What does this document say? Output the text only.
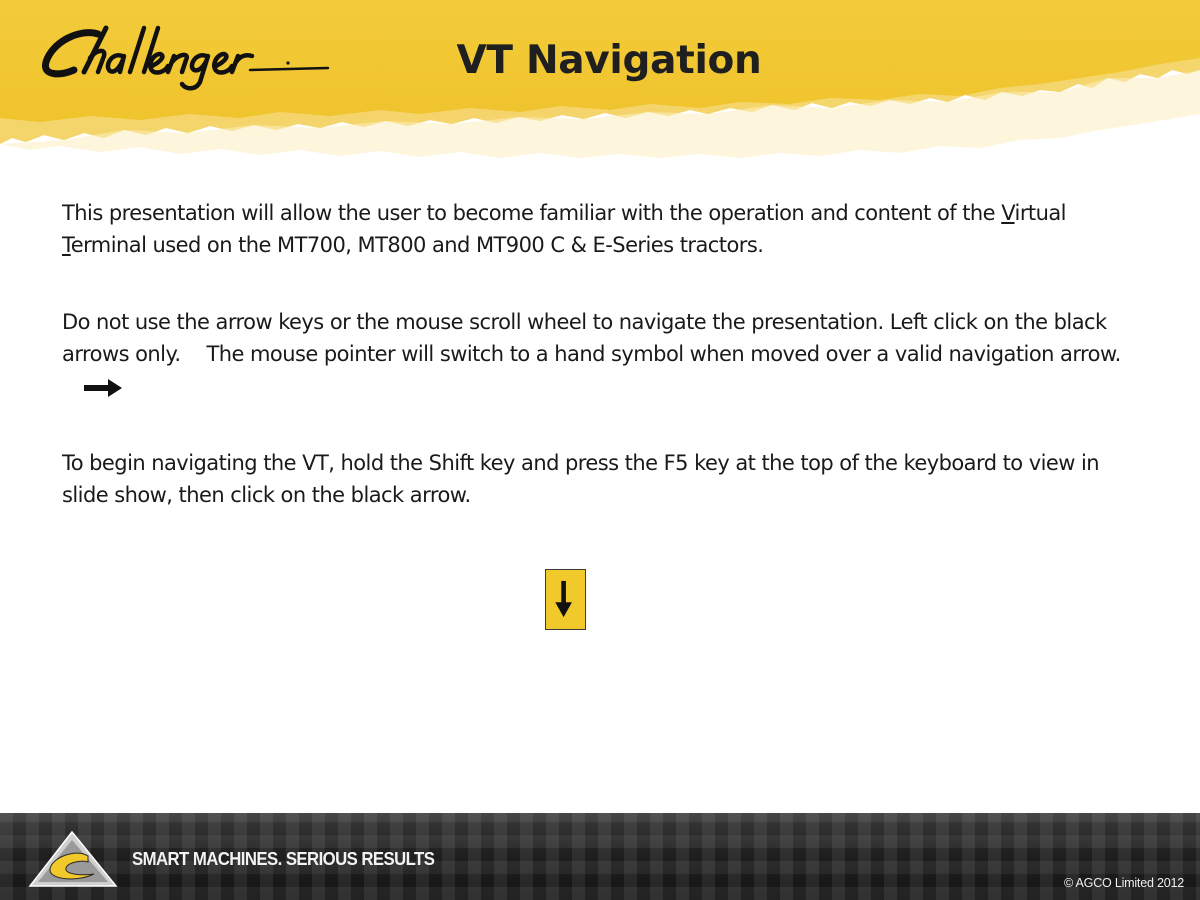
VT Navigation

This presentation will allow the user to become familiar with the operation and content of the Virtual Terminal used on the MT700, MT800 and MT900 C & E-Series tractors.

Do not use the arrow keys or the mouse scroll wheel to navigate the presentation. Left click on the black arrows only. The mouse pointer will switch to a hand symbol when moved over a valid navigation arrow.

To begin navigating the VT, hold the Shift key and press the F5 key at the top of the keyboard to view in slide show, then click on the black arrow.

SMART MACHINES. SERIOUS RESULTS
© AGCO Limited 2012
